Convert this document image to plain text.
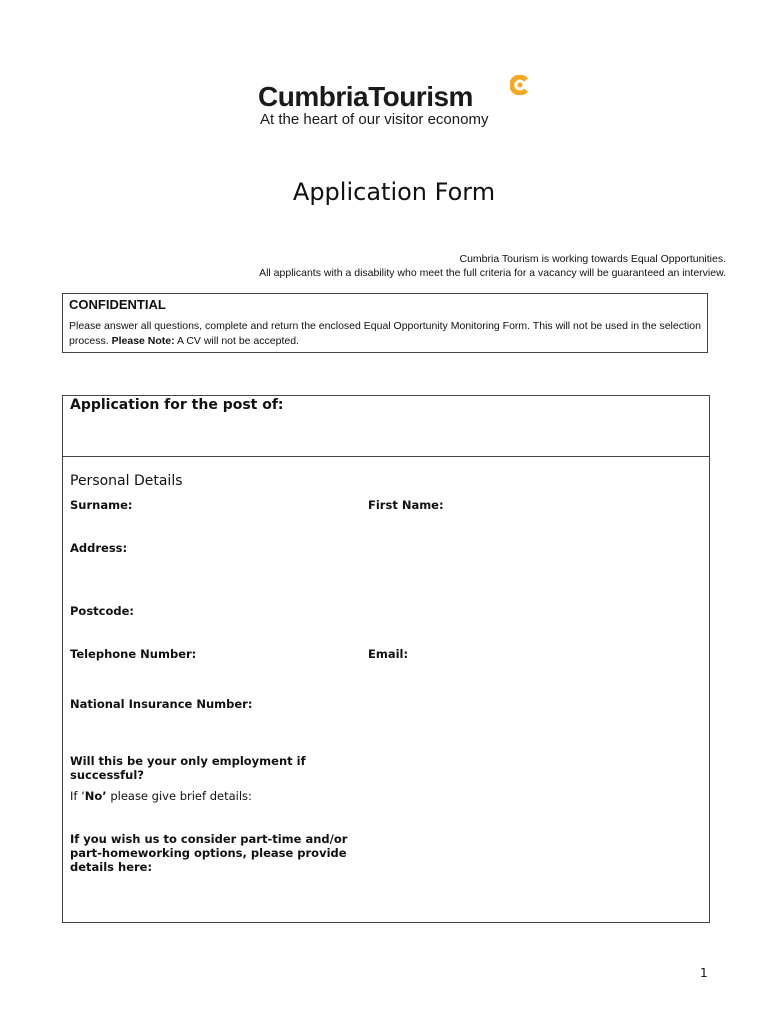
CumbriaTourism
At the heart of our visitor economy
Application Form
Cumbria Tourism is working towards Equal Opportunities.
All applicants with a disability who meet the full criteria for a vacancy will be guaranteed an interview.
CONFIDENTIAL
Please answer all questions, complete and return the enclosed Equal Opportunity Monitoring Form. This will not be used in the selection process. Please Note: A CV will not be accepted.
Application for the post of:
Personal Details
Surname:	First Name:
Address:
Postcode:
Telephone Number:	Email:
National Insurance Number:
Will this be your only employment if
successful?
If ‘No’ please give brief details:
If you wish us to consider part-time and/or
part-homeworking options, please provide
details here:
1
